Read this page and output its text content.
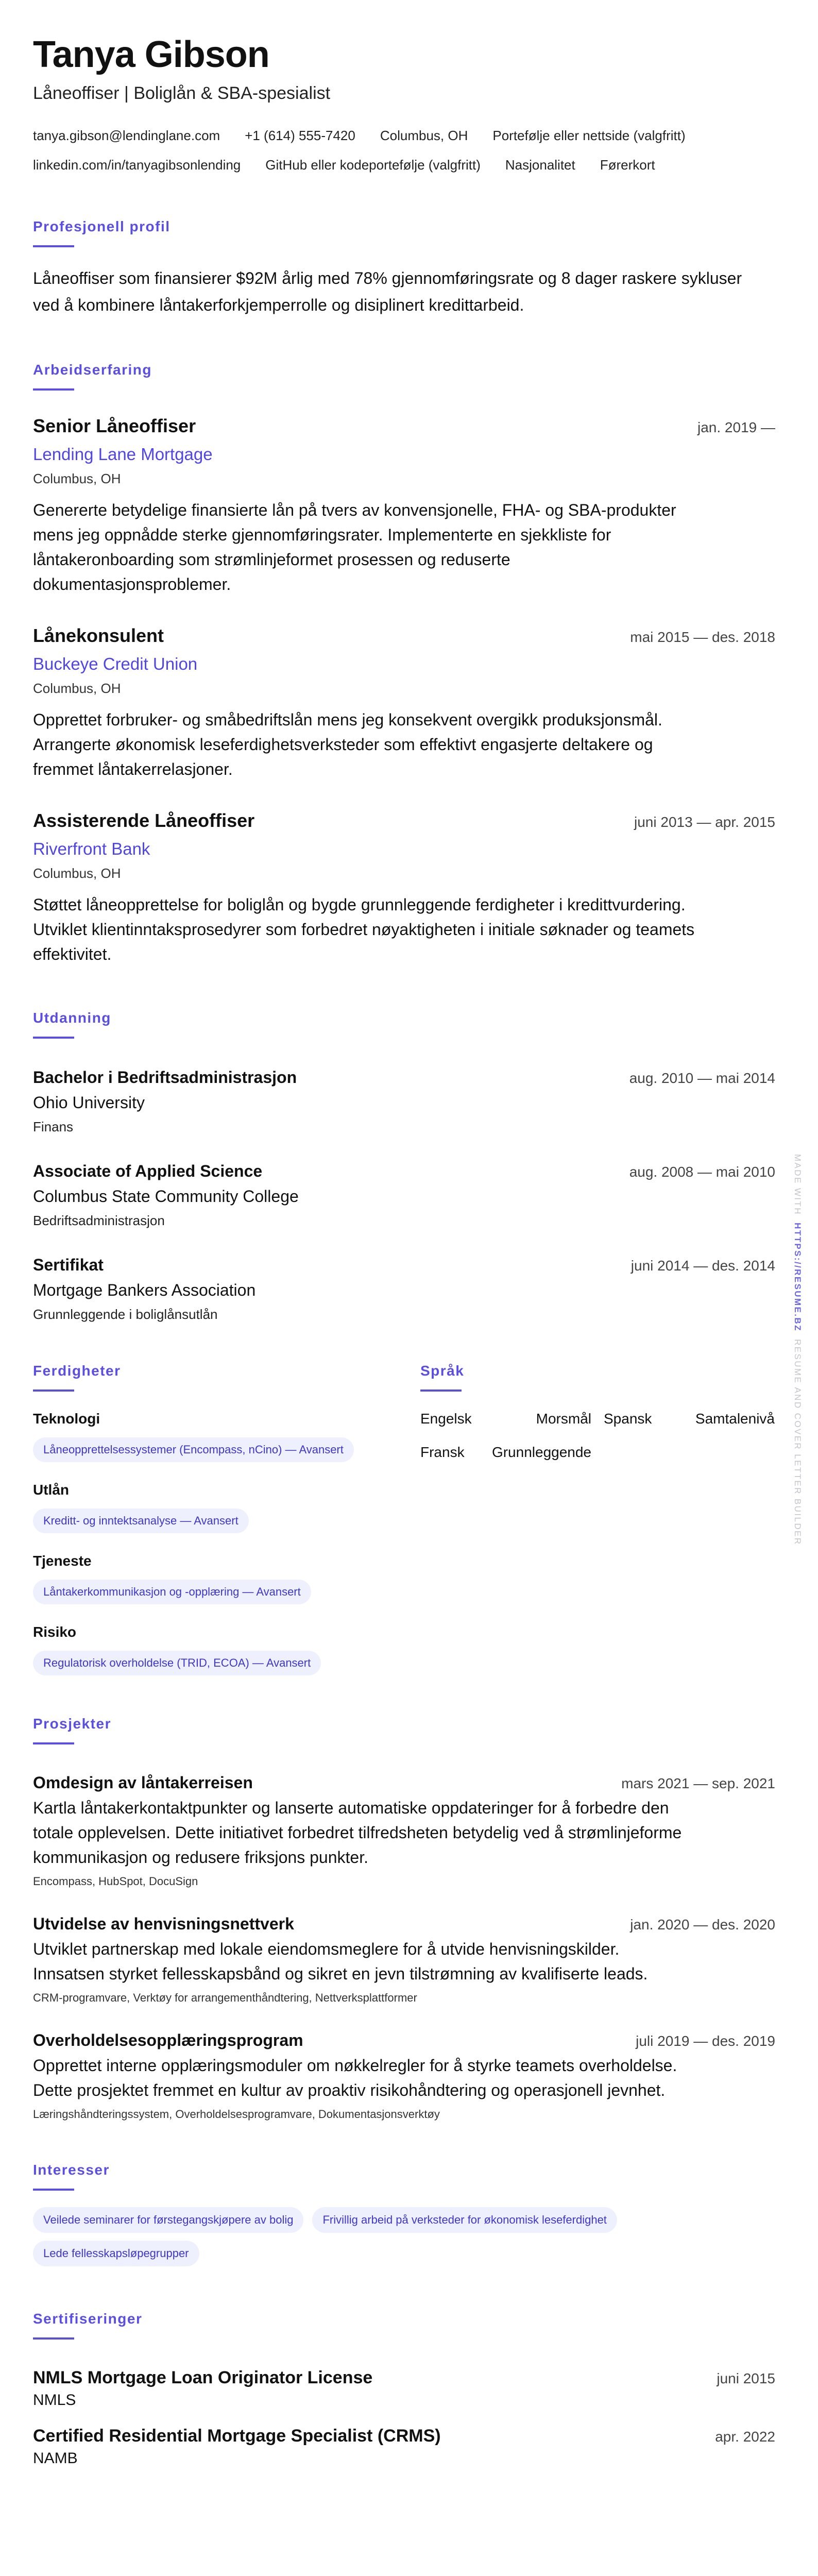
Tanya Gibson
Låneoffiser | Boliglån & SBA-spesialist
tanya.gibson@lendinglane.com +1 (614) 555-7420 Columbus, OH Portefølje eller nettside (valgfritt)
linkedin.com/in/tanyagibsonlending GitHub eller kodeportefølje (valgfritt) Nasjonalitet Førerkort
Profesjonell profil

Låneoffiser som finansierer $92M årlig med 78% gjennomføringsrate og 8 dager raskere sykluser ved å kombinere låntakerforkjemperrolle og disiplinert kredittarbeid.

Arbeidserfaring
Senior Låneoffiser	jan. 2019 —
Lending Lane Mortgage
Columbus, OH

Genererte betydelige finansierte lån på tvers av konvensjonelle, FHA- og SBA-produkter mens jeg oppnådde sterke gjennomføringsrater. Implementerte en sjekkliste for låntakeronboarding som strømlinjeformet prosessen og reduserte dokumentasjonsproblemer.

Lånekonsulent	mai 2015 — des. 2018
Buckeye Credit Union
Columbus, OH

Opprettet forbruker- og småbedriftslån mens jeg konsekvent overgikk produksjonsmål. Arrangerte økonomisk leseferdighetsverksteder som effektivt engasjerte deltakere og fremmet låntakerrelasjoner.

Assisterende Låneoffiser	juni 2013 — apr. 2015
Riverfront Bank
Columbus, OH

Støttet låneopprettelse for boliglån og bygde grunnleggende ferdigheter i kredittvurdering. Utviklet klientinntaksprosedyrer som forbedret nøyaktigheten i initiale søknader og teamets effektivitet.

Utdanning
Bachelor i Bedriftsadministrasjon	aug. 2010 — mai 2014
Ohio University
Finans
Associate of Applied Science	aug. 2008 — mai 2010
Columbus State Community College
Bedriftsadministrasjon
Sertifikat	juni 2014 — des. 2014
Mortgage Bankers Association
Grunnleggende i boliglånsutlån
Ferdigheter
Teknologi
Låneopprettelsessystemer (Encompass, nCino) — Avansert
Utlån
Kreditt- og inntektsanalyse — Avansert
Tjeneste
Låntakerkommunikasjon og -opplæring — Avansert
Risiko
Regulatorisk overholdelse (TRID, ECOA) — Avansert
Språk
Engelsk	Morsmål Spansk	Samtalenivå
Fransk Grunnleggende
Prosjekter
Omdesign av låntakerreisen	mars 2021 — sep. 2021

Kartla låntakerkontaktpunkter og lanserte automatiske oppdateringer for å forbedre den totale opplevelsen. Dette initiativet forbedret tilfredsheten betydelig ved å strømlinjeforme kommunikasjon og redusere friksjons punkter.

Encompass, HubSpot, DocuSign
Utvidelse av henvisningsnettverk	jan. 2020 — des. 2020

Utviklet partnerskap med lokale eiendomsmeglere for å utvide henvisningskilder. Innsatsen styrket fellesskapsbånd og sikret en jevn tilstrømning av kvalifiserte leads.

CRM-programvare, Verktøy for arrangementhåndtering, Nettverksplattformer
Overholdelsesopplæringsprogram	juli 2019 — des. 2019

Opprettet interne opplæringsmoduler om nøkkelregler for å styrke teamets overholdelse. Dette prosjektet fremmet en kultur av proaktiv risikohåndtering og operasjonell jevnhet.

Læringshåndteringssystem, Overholdelsesprogramvare, Dokumentasjonsverktøy
Interesser
Veilede seminarer for førstegangskjøpere av bolig	Frivillig arbeid på verksteder for økonomisk leseferdighet
Lede fellesskapsløpegrupper
Sertifiseringer
NMLS Mortgage Loan Originator License	juni 2015
NMLS
Certified Residential Mortgage Specialist (CRMS)	apr. 2022
NAMB
MADE WITH  HTTPS://RESUME.BZ  RESUME AND COVER LETTER BUILDER
